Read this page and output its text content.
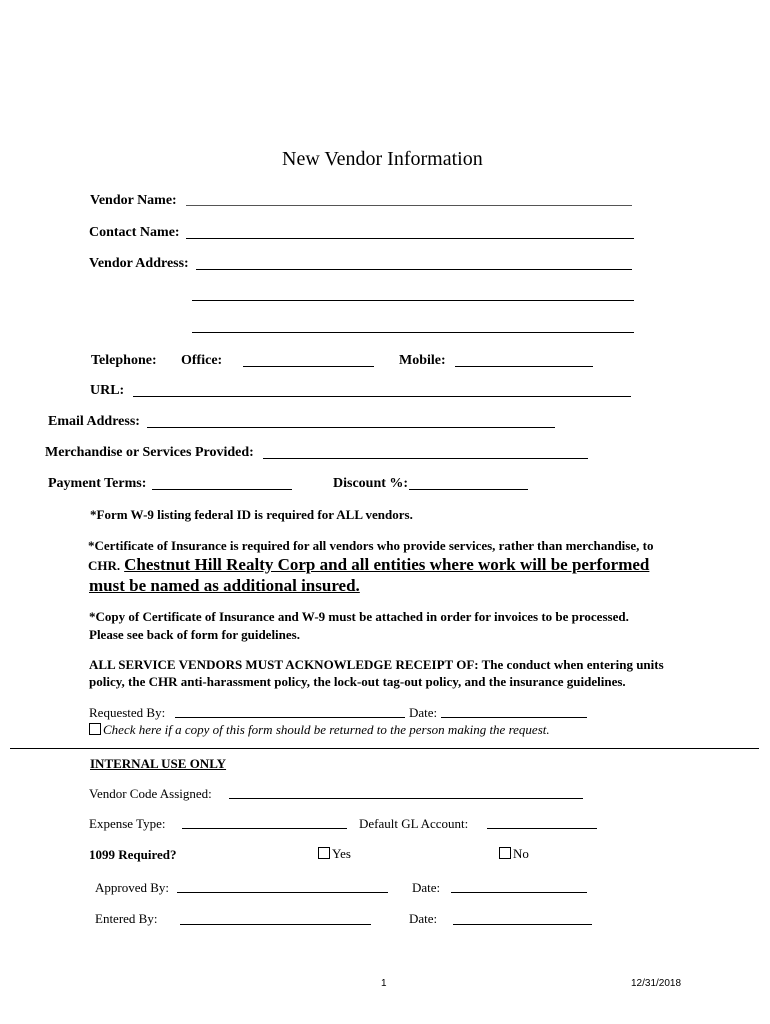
New Vendor Information
Vendor Name:
Contact Name:
Vendor Address:
Telephone: Office:	Mobile:
URL:
Email Address:
Merchandise or Services Provided:
Payment Terms:	Discount %:
*Form W-9 listing federal ID is required for ALL vendors.
*Certificate of Insurance is required for all vendors who provide services, rather than merchandise, to
CHR. Chestnut Hill Realty Corp and all entities where work will be performed
must be named as additional insured.
*Copy of Certificate of Insurance and W-9 must be attached in order for invoices to be processed.
Please see back of form for guidelines.
ALL SERVICE VENDORS MUST ACKNOWLEDGE RECEIPT OF: The conduct when entering units
policy, the CHR anti-harassment policy, the lock-out tag-out policy, and the insurance guidelines.
Requested By:	Date:
Check here if a copy of this form should be returned to the person making the request.
INTERNAL USE ONLY
Vendor Code Assigned:
Expense Type:	Default GL Account:
1099 Required?	Yes	No
Approved By:	Date:
Entered By:	Date:
1	12/31/2018
